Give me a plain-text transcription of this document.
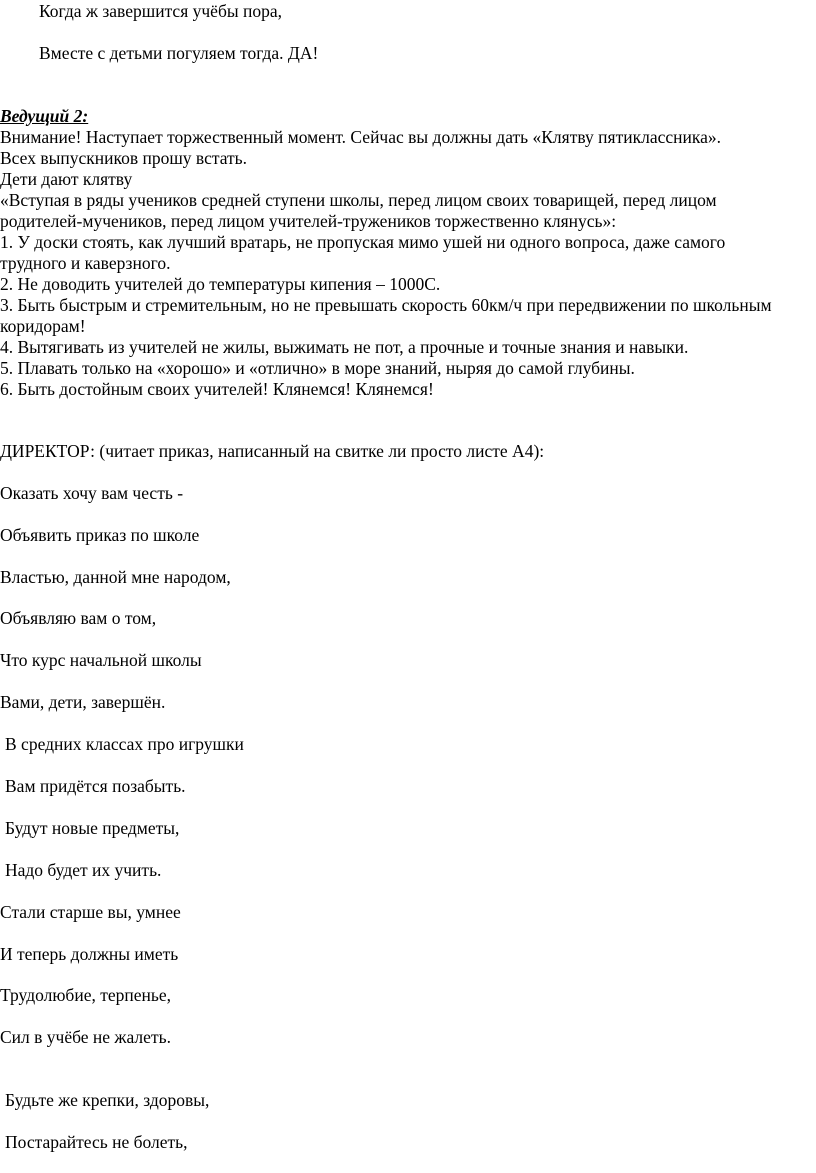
Когда ж завершится учёбы пора,
Вместе с детьми погуляем тогда. ДА!
Ведущий 2:
Внимание! Наступает торжественный момент. Сейчас вы должны дать «Клятву пятиклассника».
Всех выпускников прошу встать.
Дети дают клятву
«Вступая в ряды учеников средней ступени школы, перед лицом своих товарищей, перед лицом
родителей-мучеников, перед лицом учителей-тружеников торжественно клянусь»:
1. У доски стоять, как лучший вратарь, не пропуская мимо ушей ни одного вопроса, даже самого
трудного и каверзного.
2. Не доводить учителей до температуры кипения – 1000С.
3. Быть быстрым и стремительным, но не превышать скорость 60км/ч при передвижении по школьным
коридорам!
4. Вытягивать из учителей не жилы, выжимать не пот, а прочные и точные знания и навыки.
5. Плавать только на «хорошо» и «отлично» в море знаний, ныряя до самой глубины.
6. Быть достойным своих учителей! Клянемся! Клянемся!
ДИРЕКТОР: (читает приказ, написанный на свитке ли просто листе А4):
Оказать хочу вам честь -
Объявить приказ по школе
Властью, данной мне народом,
Объявляю вам о том,
Что курс начальной школы
Вами, дети, завершён.
В средних классах про игрушки
Вам придётся позабыть.
Будут новые предметы,
Надо будет их учить.
Стали старше вы, умнее
И теперь должны иметь
Трудолюбие, терпенье,
Сил в учёбе не жалеть.
Будьте же крепки, здоровы,
Постарайтесь не болеть,
